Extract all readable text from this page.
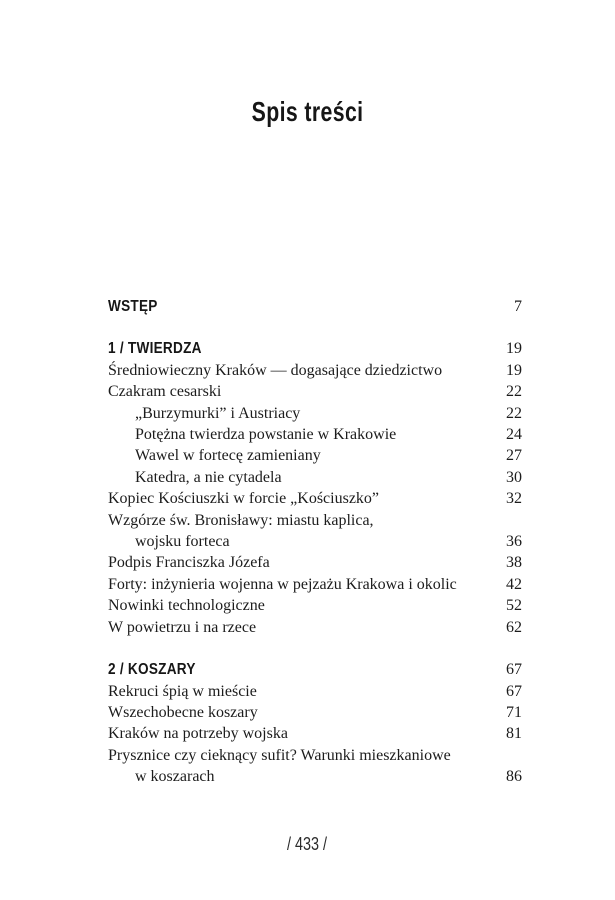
Spis treści
WSTĘP	7
1 / TWIERDZA	19
Średniowieczny Kraków — dogasające dziedzictwo	19
Czakram cesarski	22
„Burzymurki” i Austriacy	22
Potężna twierdza powstanie w Krakowie	24
Wawel w fortecę zamieniany	27
Katedra, a nie cytadela	30
Kopiec Kościuszki w forcie „Kościuszko”	32
Wzgórze św. Bronisławy: miastu kaplica,
wojsku forteca	36
Podpis Franciszka Józefa	38
Forty: inżynieria wojenna w pejzażu Krakowa i okolic	42
Nowinki technologiczne	52
W powietrzu i na rzece	62
2 / KOSZARY	67
Rekruci śpią w mieście	67
Wszechobecne koszary	71
Kraków na potrzeby wojska	81
Prysznice czy cieknący sufit? Warunki mieszkaniowe
w koszarach	86
/ 433 /
